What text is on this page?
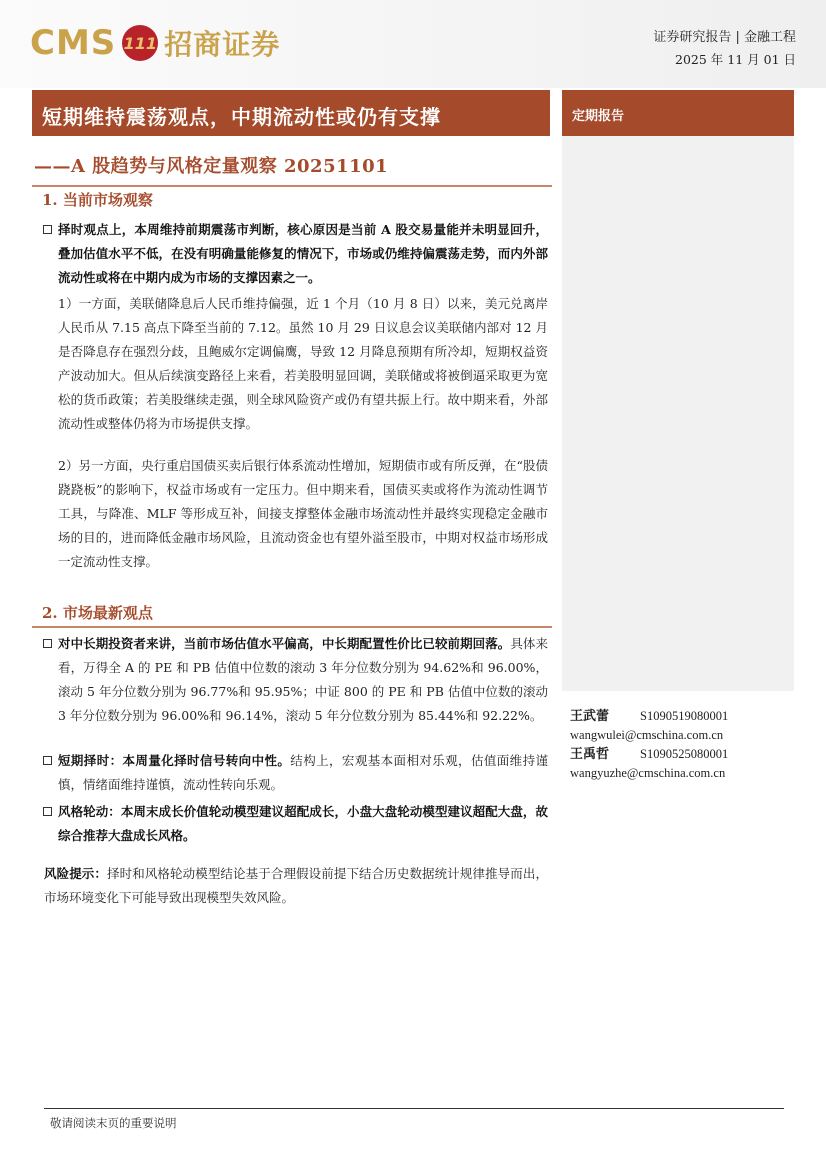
CMS 111 招商证券	证券研究报告 | 金融工程
2025 年 11 月 01 日
短期维持震荡观点，中期流动性或仍有支撑
——A 股趋势与风格定量观察 20251101
定期报告
1. 当前市场观察
择时观点上，本周维持前期震荡市判断，核心原因是当前 A 股交易量能并未明显回升，叠加估值水平不低，在没有明确量能修复的情况下，市场或仍维持偏震荡走势，而内外部流动性或将在中期内成为市场的支撑因素之一。
1）一方面，美联储降息后人民币维持偏强，近 1 个月（10 月 8 日）以来，美元兑离岸人民币从 7.15 高点下降至当前的 7.12。虽然 10 月 29 日议息会议美联储内部对 12 月是否降息存在强烈分歧，且鲍威尔定调偏鹰，导致 12 月降息预期有所冷却，短期权益资产波动加大。但从后续演变路径上来看，若美股明显回调，美联储或将被倒逼采取更为宽松的货币政策；若美股继续走强，则全球风险资产或仍有望共振上行。故中期来看，外部流动性或整体仍将为市场提供支撑。
2）另一方面，央行重启国债买卖后银行体系流动性增加，短期债市或有所反弹，在“股债跷跷板”的影响下，权益市场或有一定压力。但中期来看，国债买卖或将作为流动性调节工具，与降准、MLF 等形成互补，间接支撑整体金融市场流动性并最终实现稳定金融市场的目的，进而降低金融市场风险，且流动资金也有望外溢至股市，中期对权益市场形成一定流动性支撑。
2. 市场最新观点
对中长期投资者来讲，当前市场估值水平偏高，中长期配置性价比已较前期回落。具体来看，万得全 A 的 PE 和 PB 估值中位数的滚动 3 年分位数分别为 94.62%和 96.00%，滚动 5 年分位数分别为 96.77%和 95.95%；中证 800 的 PE 和 PB 估值中位数的滚动 3 年分位数分别为 96.00%和 96.14%，滚动 5 年分位数分别为 85.44%和 92.22%。
短期择时：本周量化择时信号转向中性。结构上，宏观基本面相对乐观，估值面维持谨慎，情绪面维持谨慎，流动性转向乐观。
风格轮动：本周末成长价值轮动模型建议超配成长，小盘大盘轮动模型建议超配大盘，故综合推荐大盘成长风格。
风险提示：择时和风格轮动模型结论基于合理假设前提下结合历史数据统计规律推导而出，市场环境变化下可能导致出现模型失效风险。
王武蕾 S1090519080001
wangwulei@cmschina.com.cn
王禹哲 S1090525080001
wangyuzhe@cmschina.com.cn
敬请阅读末页的重要说明
